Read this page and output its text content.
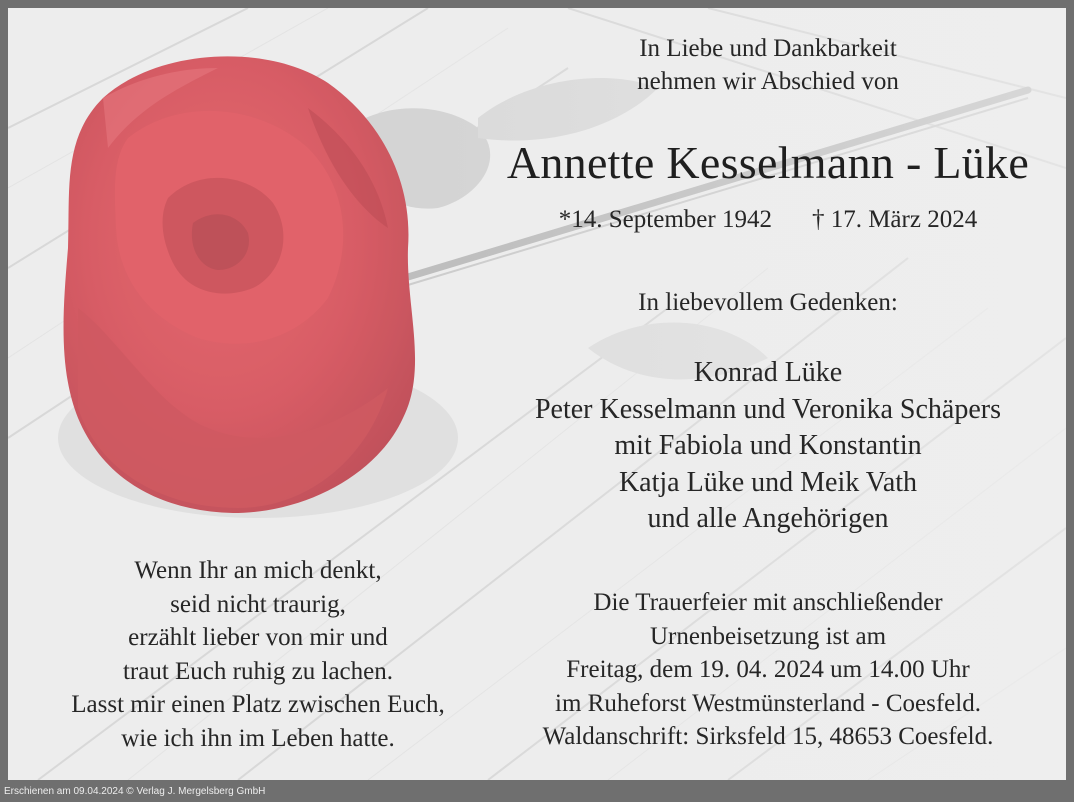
In Liebe und Dankbarkeit
nehmen wir Abschied von
Annette Kesselmann - Lüke
*14. September 1942 † 17. März 2024
In liebevollem Gedenken:
Konrad Lüke
Peter Kesselmann und Veronika Schäpers
mit Fabiola und Konstantin
Katja Lüke und Meik Vath
und alle Angehörigen
Wenn Ihr an mich denkt,
seid nicht traurig,
erzählt lieber von mir und
traut Euch ruhig zu lachen.
Lasst mir einen Platz zwischen Euch,
wie ich ihn im Leben hatte.
Die Trauerfeier mit anschließender
Urnenbeisetzung ist am
Freitag, dem 19. 04. 2024 um 14.00 Uhr
im Ruheforst Westmünsterland - Coesfeld.
Waldanschrift: Sirksfeld 15, 48653 Coesfeld.
Erschienen am 09.04.2024 © Verlag J. Mergelsberg GmbH
